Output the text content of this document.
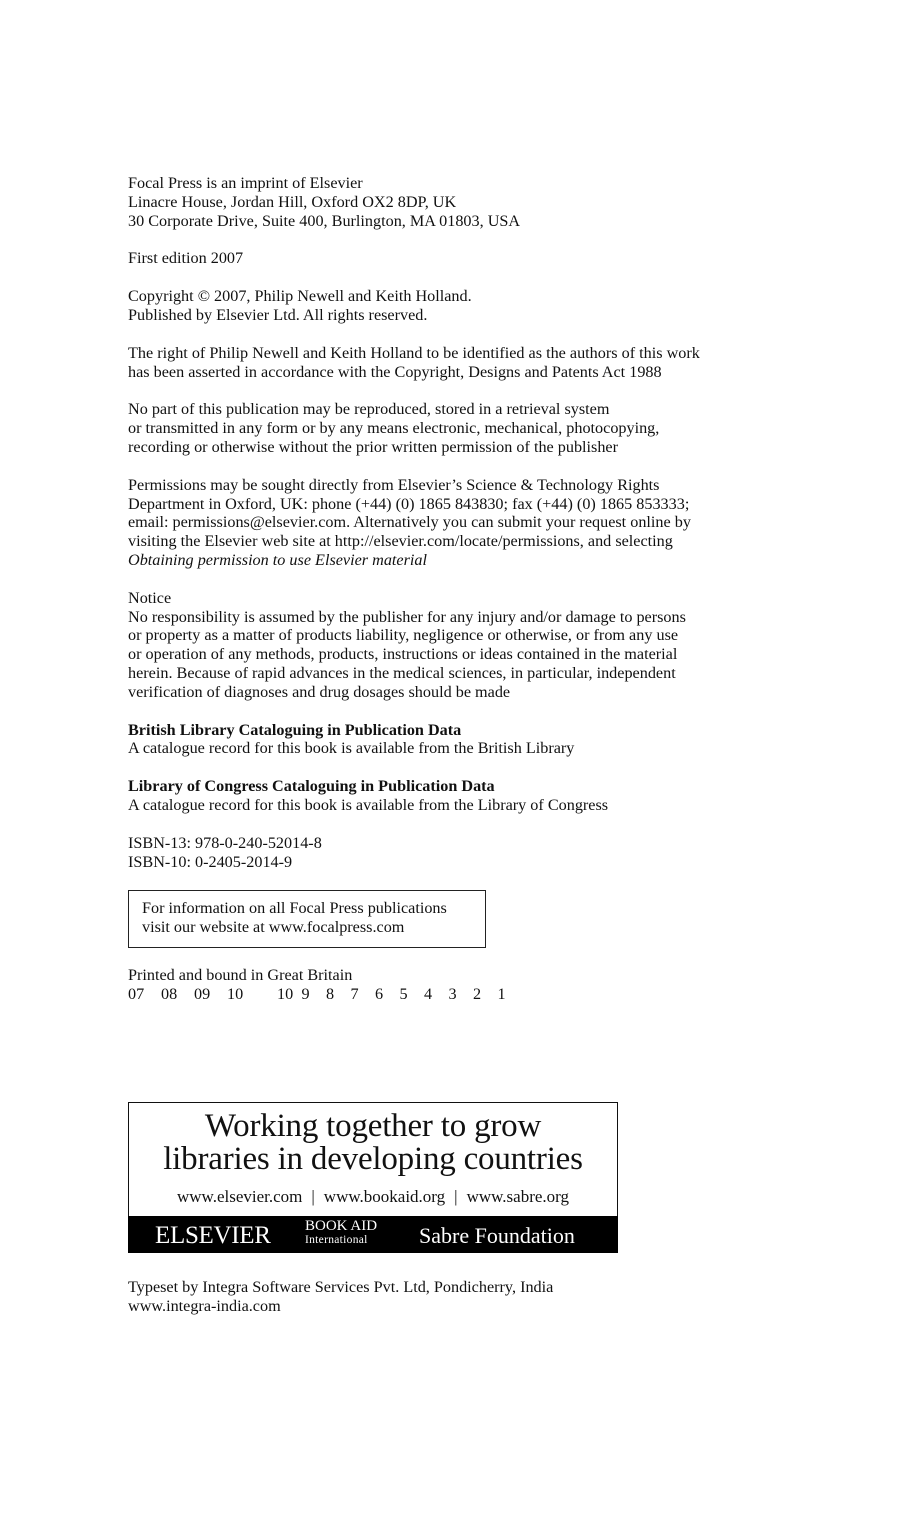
Focal Press is an imprint of Elsevier
Linacre House, Jordan Hill, Oxford OX2 8DP, UK
30 Corporate Drive, Suite 400, Burlington, MA 01803, USA
First edition 2007
Copyright © 2007, Philip Newell and Keith Holland.
Published by Elsevier Ltd. All rights reserved.
The right of Philip Newell and Keith Holland to be identified as the authors of this work
has been asserted in accordance with the Copyright, Designs and Patents Act 1988
No part of this publication may be reproduced, stored in a retrieval system
or transmitted in any form or by any means electronic, mechanical, photocopying,
recording or otherwise without the prior written permission of the publisher
Permissions may be sought directly from Elsevier’s Science & Technology Rights
Department in Oxford, UK: phone (+44) (0) 1865 843830; fax (+44) (0) 1865 853333;
email: permissions@elsevier.com. Alternatively you can submit your request online by
visiting the Elsevier web site at http://elsevier.com/locate/permissions, and selecting
Obtaining permission to use Elsevier material
Notice
No responsibility is assumed by the publisher for any injury and/or damage to persons
or property as a matter of products liability, negligence or otherwise, or from any use
or operation of any methods, products, instructions or ideas contained in the material
herein. Because of rapid advances in the medical sciences, in particular, independent
verification of diagnoses and drug dosages should be made
British Library Cataloguing in Publication Data
A catalogue record for this book is available from the British Library
Library of Congress Cataloguing in Publication Data
A catalogue record for this book is available from the Library of Congress
ISBN-13: 978-0-240-52014-8
ISBN-10: 0-2405-2014-9
For information on all Focal Press publications
visit our website at www.focalpress.com
Printed and bound in Great Britain
07 08 09 10 10 9 8 7 6 5 4 3 2 1
Working together to grow
libraries in developing countries
www.elsevier.com | www.bookaid.org | www.sabre.org
ELSEVIER BOOK AID
International	Sabre Foundation
Typeset by Integra Software Services Pvt. Ltd, Pondicherry, India
www.integra-india.com
